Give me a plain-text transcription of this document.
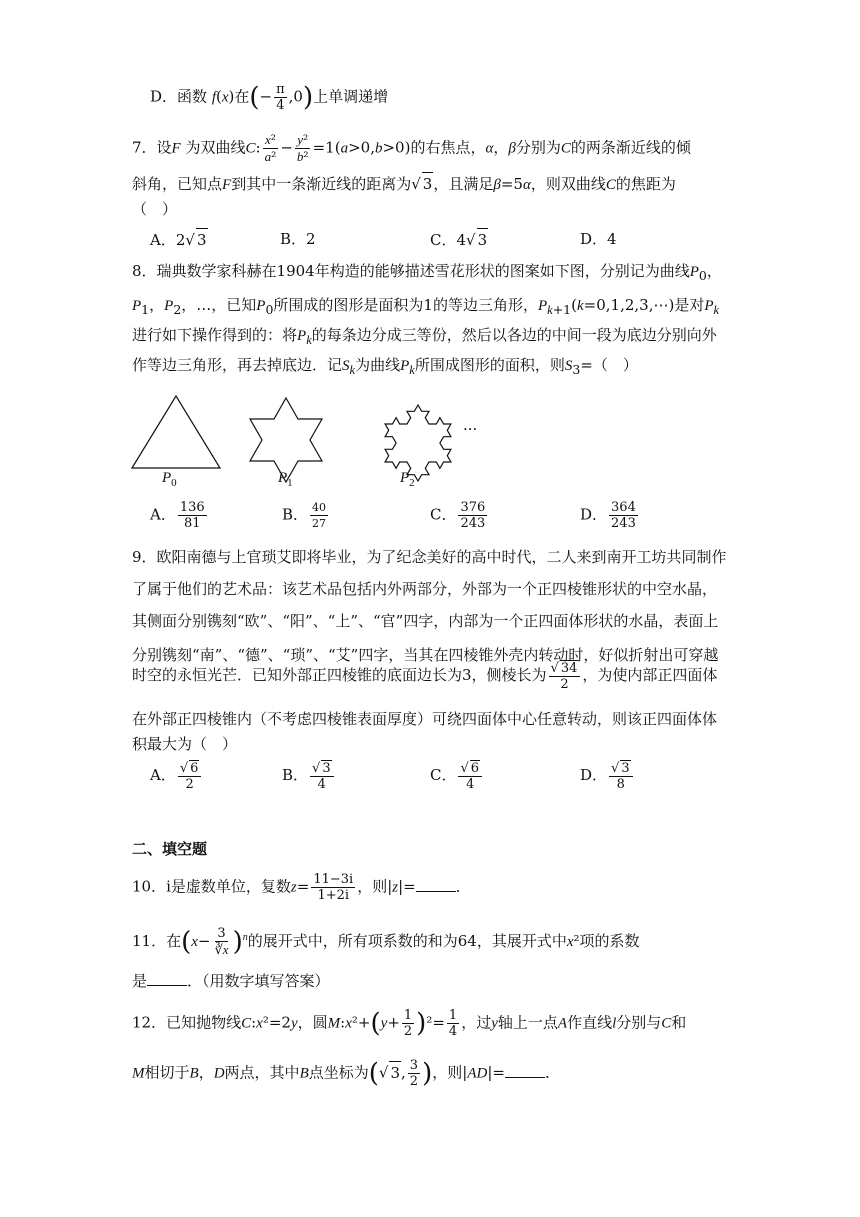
D．函数 f(x)在(− $\frac{\pi}{4} ,0$)上单调递增
7．设F 为双曲线C: $\frac{\text{x²}}{\text{a²}} - \frac{\text{y²}}{\text{b²}} =1(a>0,b>0)$的右焦点，α，β分别为C的两条渐近线的倾
斜角，已知点F到其中一条渐近线的距离为√ 3，且满足β=5α，则双曲线C的焦距为
（　）
A．2√ 3	B．2	C．4√ 3	D．4
8．瑞典数学家科赫在1904年构造的能够描述雪花形状的图案如下图，分别记为曲线$P_0$，
$P_1$，$P_2$，…，已知$P_0$所围成的图形是面积为1的等边三角形，$P_{k+1}(k=0,1,2,3,\cdots)$是对$P_k$
进行如下操作得到的：将$P_k$的每条边分成三等份，然后以各边的中间一段为底边分别向外
作等边三角形，再去掉底边．记$S_k$为曲线$P_k$所围成图形的面积，则$S_3=$（　）
···
$P_0$	$P_1$	$P_2$
A． $\frac{136}{81}$	B． $\frac{40}{27}$	C． $\frac{376}{243}$	D． $\frac{364}{243}$
9．欧阳南德与上官琐艾即将毕业，为了纪念美好的高中时代，二人来到南开工坊共同制作
了属于他们的艺术品：该艺术品包括内外两部分，外部为一个正四棱锥形状的中空水晶，
其侧面分别镌刻“欧”、“阳”、“上”、“官”四字，内部为一个正四面体形状的水晶，表面上
分别镌刻“南”、“德”、“琐”、“艾”四字，当其在四棱锥外壳内转动时，好似折射出可穿越
时空的永恒光芒．已知外部正四棱锥的底面边长为3，侧棱长为 $\frac{√ 34}{2}$ ，为使内部正四面体
在外部正四棱锥内（不考虑四棱锥表面厚度）可绕四面体中心任意转动，则该正四面体体
积最大为（　）
A． $\frac{√ 6}{2}$	B． $\frac{√ 3}{4}$	C． $\frac{√ 6}{4}$	D． $\frac{√ 3}{8}$
二、填空题
10．i是虚数单位，复数$z= \frac{11-3i}{1+2i}$ ，则|z|=	．
11．在$(x- \frac{3}{∛x} )^n$的展开式中，所有项系数的和为64，其展开式中x²项的系数
是	．（用数字填写答案）
12．已知抛物线C:x²=2y，圆M:x²+(y+ $\frac{1}{2} )^2= \frac{1}{4}$ ，过y轴上一点A作直线l分别与C和
M相切于B，D两点，其中B点坐标为(√ 3, $\frac{3}{2}$ )，则|AD|=	．
